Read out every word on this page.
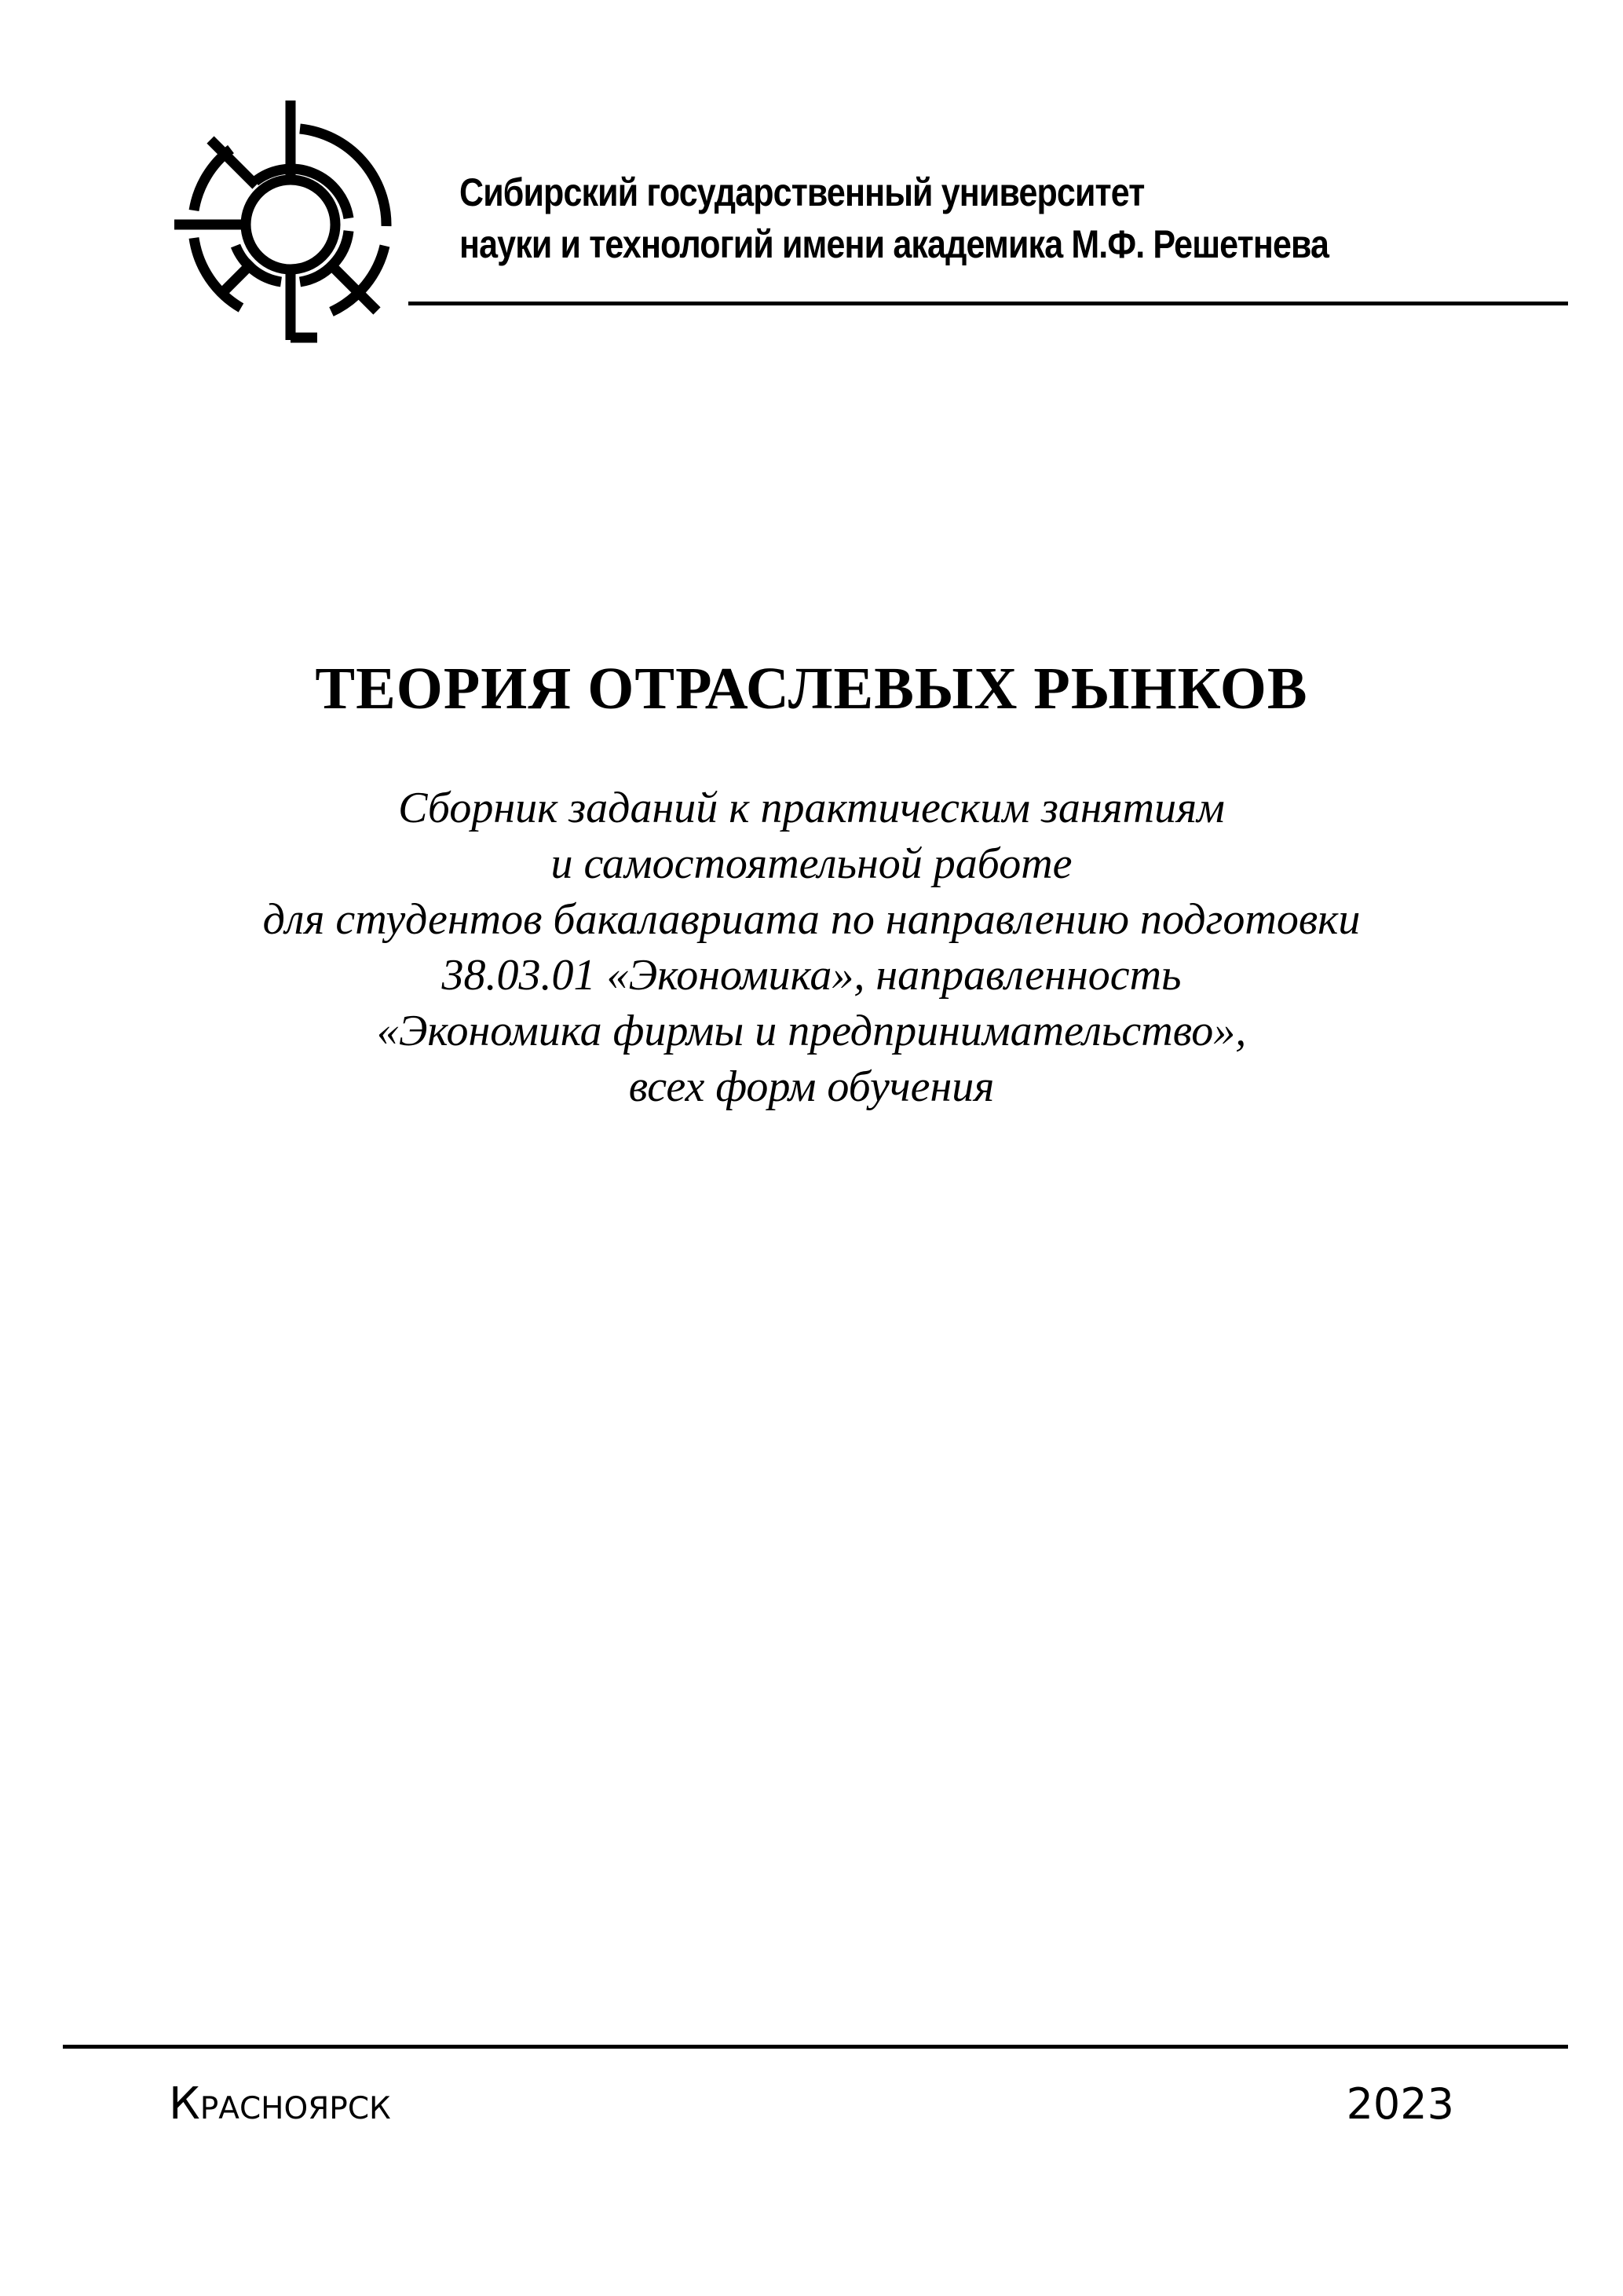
Сибирский государственный университет
науки и технологий имени академика М.Ф. Решетнева
ТЕОРИЯ ОТРАСЛЕВЫХ РЫНКОВ
Сборник заданий к практическим занятиям
и самостоятельной работе
для студентов бакалавриата по направлению подготовки
38.03.01 «Экономика», направленность
«Экономика фирмы и предпринимательство»,
всех форм обучения
Красноярск	2023
